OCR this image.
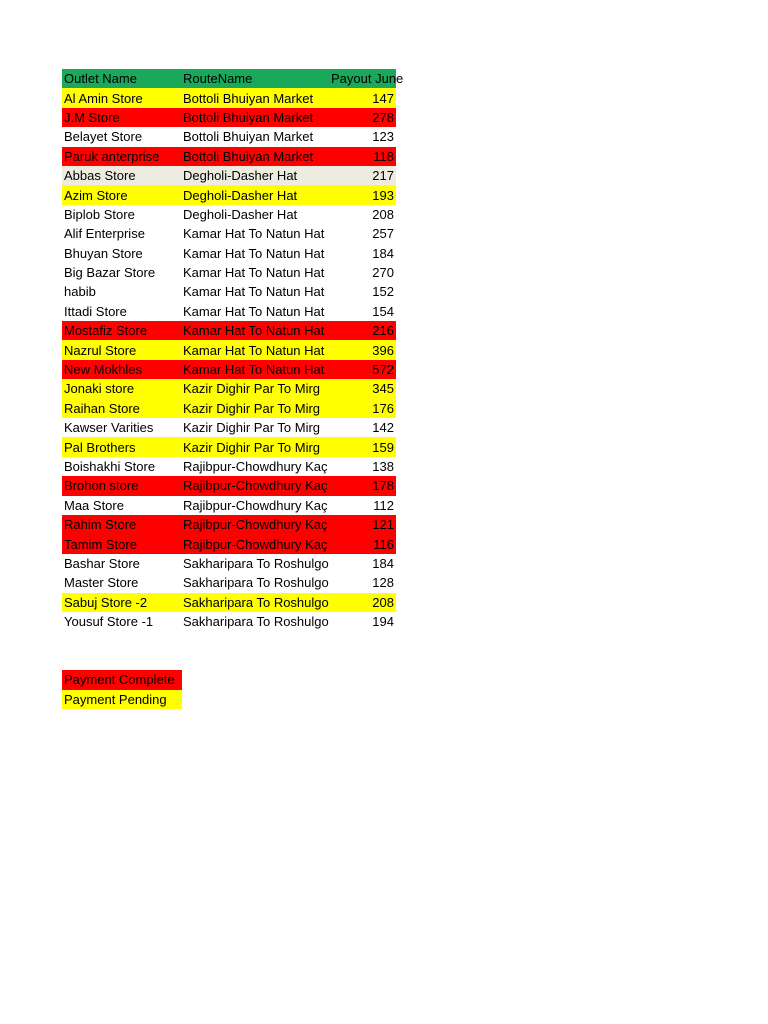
Outlet Name	RouteName	Payout June
Al Amin Store	Bottoli Bhuiyan Market	147
J.M Store	Bottoli Bhuiyan Market	278
Belayet Store	Bottoli Bhuiyan Market	123
Paruk anterprise	Bottoli Bhuiyan Market	118
Abbas Store	Degholi-Dasher Hat	217
Azim Store	Degholi-Dasher Hat	193
Biplob Store	Degholi-Dasher Hat	208
Alif Enterprise	Kamar Hat To Natun Hat	257
Bhuyan Store	Kamar Hat To Natun Hat	184
Big Bazar Store	Kamar Hat To Natun Hat	270
habib	Kamar Hat To Natun Hat	152
Ittadi Store	Kamar Hat To Natun Hat	154
Mostafiz Store	Kamar Hat To Natun Hat	216
Nazrul Store	Kamar Hat To Natun Hat	396
New Mokhles	Kamar Hat To Natun Hat	572
Jonaki store	Kazir Dighir Par To Mirg	345
Raihan Store	Kazir Dighir Par To Mirg	176
Kawser Varities	Kazir Dighir Par To Mirg	142
Pal Brothers	Kazir Dighir Par To Mirg	159
Boishakhi Store	Rajibpur-Chowdhury Kaç	138
Brohon store	Rajibpur-Chowdhury Kaç	178
Maa Store	Rajibpur-Chowdhury Kaç	112
Rahim Store	Rajibpur-Chowdhury Kaç	121
Tamim Store	Rajibpur-Chowdhury Kaç	116
Bashar Store	Sakharipara To Roshulgo	184
Master Store	Sakharipara To Roshulgo	128
Sabuj Store -2	Sakharipara To Roshulgo	208
Yousuf Store -1	Sakharipara To Roshulgo	194
Payment Complete
Payment Pending
